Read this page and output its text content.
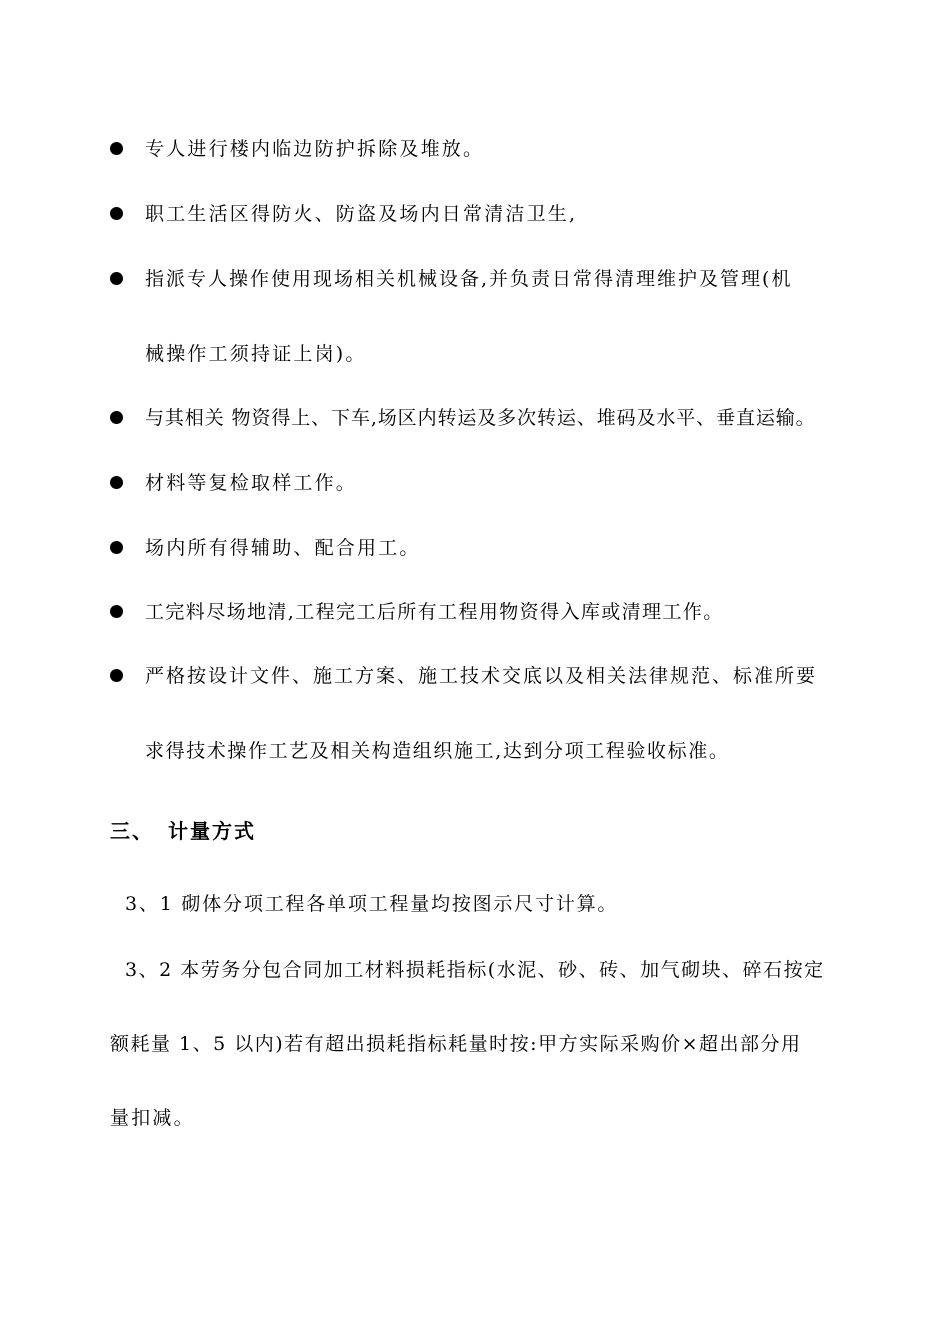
专人进行楼内临边防护拆除及堆放。
职工生活区得防火、防盗及场内日常清洁卫生,
指派专人操作使用现场相关机械设备,并负责日常得清理维护及管理(机
械操作工须持证上岗)。
与其相关 物资得上、下车,场区内转运及多次转运、堆码及水平、垂直运输。
材料等复检取样工作。
场内所有得辅助、配合用工。
工完料尽场地清,工程完工后所有工程用物资得入库或清理工作。
严格按设计文件、施工方案、施工技术交底以及相关法律规范、标准所要
求得技术操作工艺及相关构造组织施工,达到分项工程验收标准。
三、 计量方式
3、1 砌体分项工程各单项工程量均按图示尺寸计算。
3、2 本劳务分包合同加工材料损耗指标(水泥、砂、砖、加气砌块、碎石按定
额耗量 1、5 以内)若有超出损耗指标耗量时按:甲方实际采购价×超出部分用
量扣减。
